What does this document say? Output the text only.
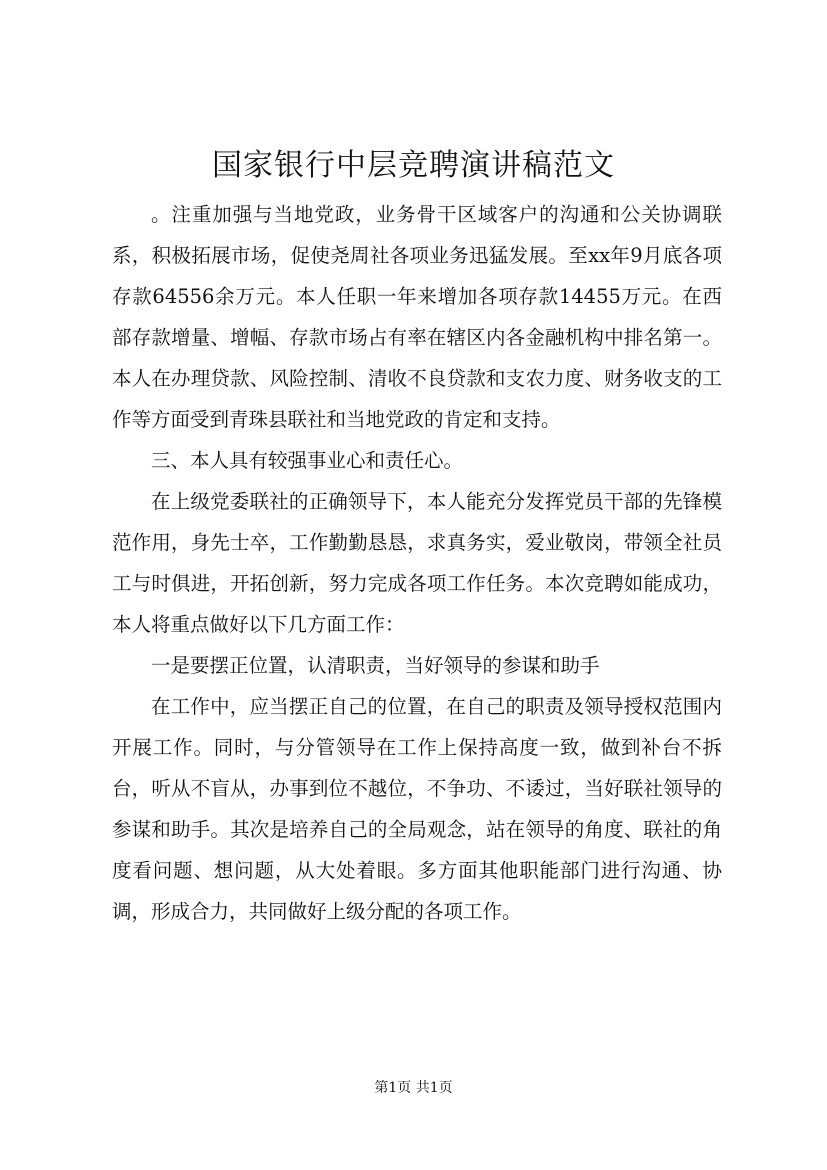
国家银行中层竞聘演讲稿范文

。注重加强与当地党政，业务骨干区域客户的沟通和公关协调联系，积极拓展市场，促使尧周社各项业务迅猛发展。至xx年9月底各项存款64556余万元。本人任职一年来增加各项存款14455万元。在西部存款增量、增幅、存款市场占有率在辖区内各金融机构中排名第一。本人在办理贷款、风险控制、清收不良贷款和支农力度、财务收支的工作等方面受到青珠县联社和当地党政的肯定和支持。

三、本人具有较强事业心和责任心。

在上级党委联社的正确领导下，本人能充分发挥党员干部的先锋模范作用，身先士卒，工作勤勤恳恳，求真务实，爱业敬岗，带领全社员工与时俱进，开拓创新，努力完成各项工作任务。本次竞聘如能成功，本人将重点做好以下几方面工作：

一是要摆正位置，认清职责，当好领导的参谋和助手

在工作中，应当摆正自己的位置，在自己的职责及领导授权范围内开展工作。同时，与分管领导在工作上保持高度一致，做到补台不拆台，听从不盲从，办事到位不越位，不争功、不诿过，当好联社领导的参谋和助手。其次是培养自己的全局观念，站在领导的角度、联社的角度看问题、想问题，从大处着眼。多方面其他职能部门进行沟通、协调，形成合力，共同做好上级分配的各项工作。

第1页 共1页
